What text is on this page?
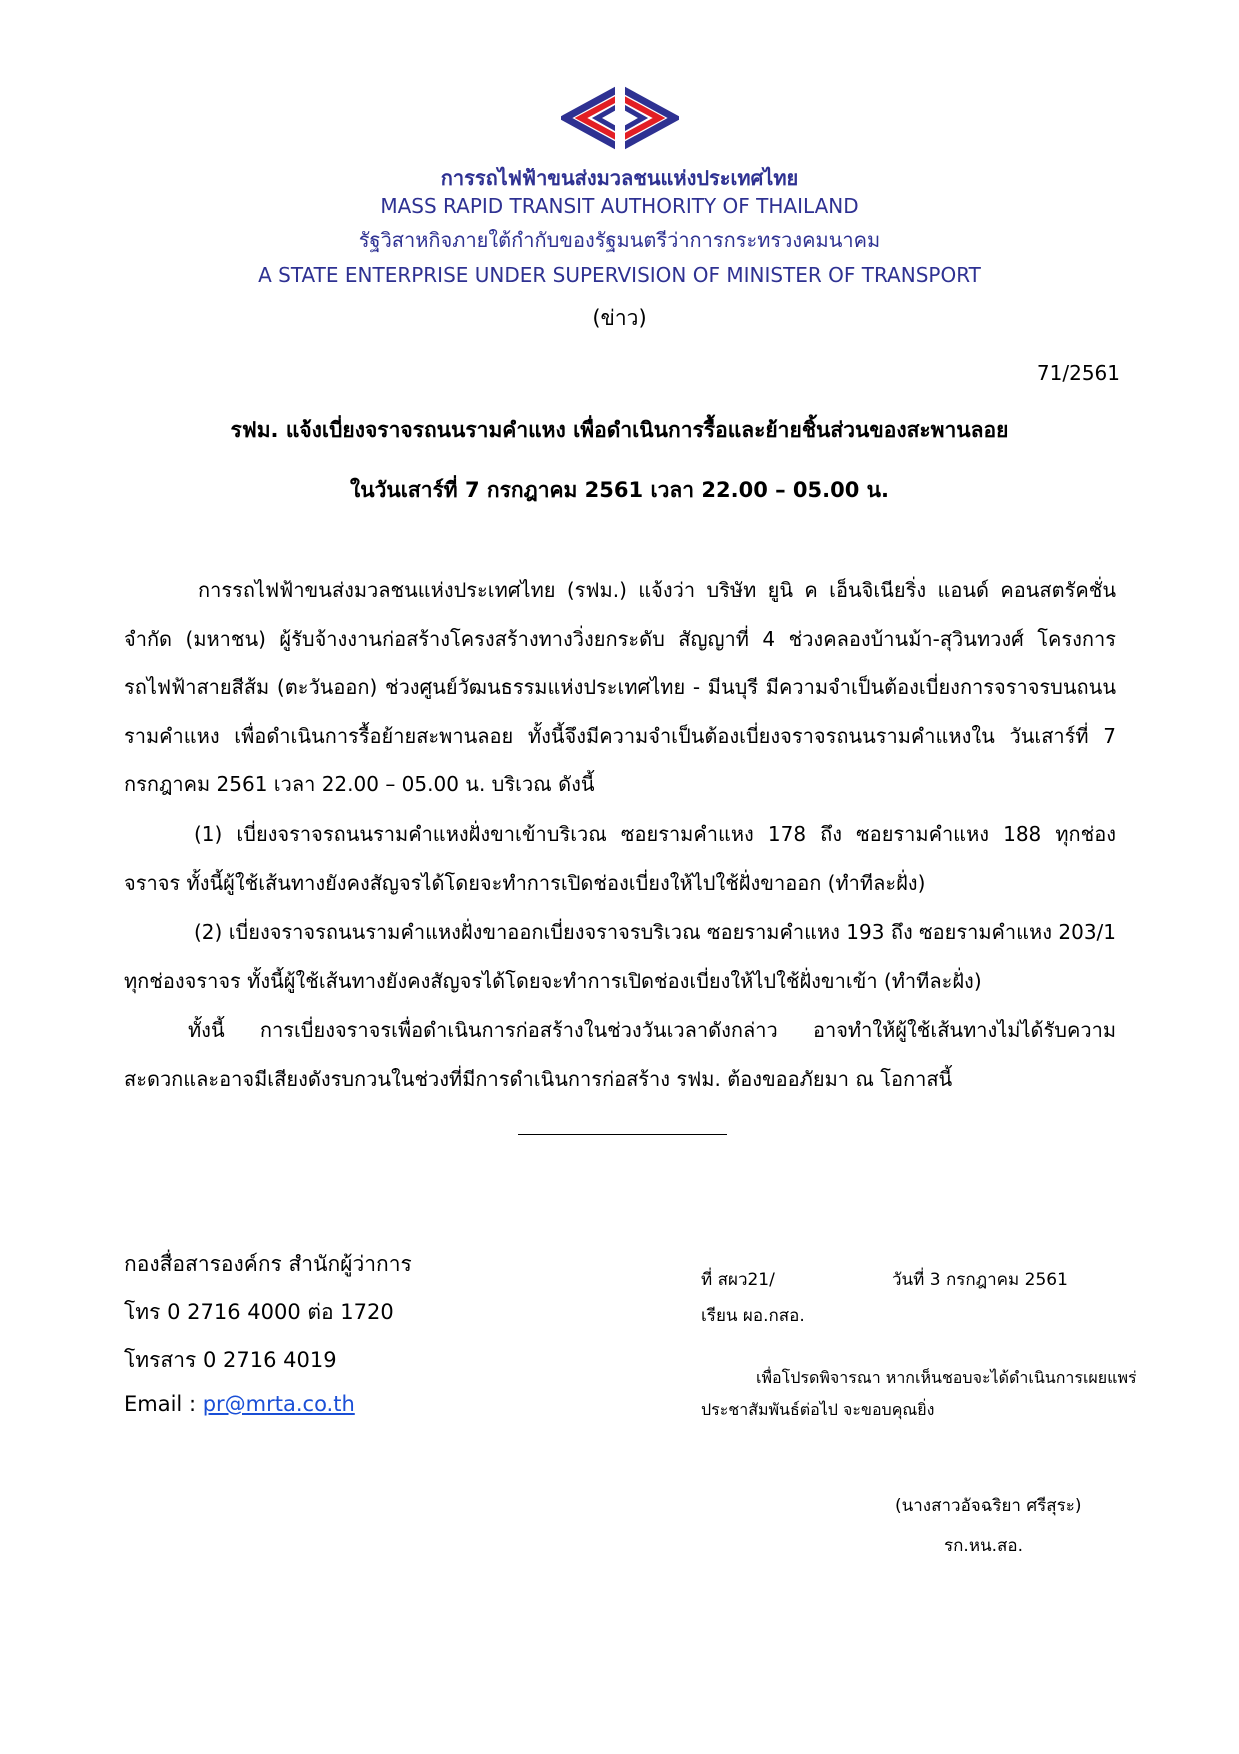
การรถไฟฟ้าขนส่งมวลชนแห่งประเทศไทย
MASS RAPID TRANSIT AUTHORITY OF THAILAND
รัฐวิสาหกิจภายใต้กำกับของรัฐมนตรีว่าการกระทรวงคมนาคม
A STATE ENTERPRISE UNDER SUPERVISION OF MINISTER OF TRANSPORT
(ข่าว)
71/2561
รฟม. แจ้งเบี่ยงจราจรถนนรามคำแหง เพื่อดำเนินการรื้อและย้ายชิ้นส่วนของสะพานลอย
ในวันเสาร์ที่ 7 กรกฎาคม 2561 เวลา 22.00 – 05.00 น.

การรถไฟฟ้าขนส่งมวลชนแห่งประเทศไทย (รฟม.) แจ้งว่า บริษัท ยูนิ ค เอ็นจิเนียริ่ง แอนด์ คอนสตรัคชั่น จำกัด (มหาชน) ผู้รับจ้างงานก่อสร้างโครงสร้างทางวิ่งยกระดับ สัญญาที่ 4 ช่วงคลองบ้านม้า-สุวินทวงศ์ โครงการรถไฟฟ้าสายสีส้ม (ตะวันออก) ช่วงศูนย์วัฒนธรรมแห่งประเทศไทย - มีนบุรี มีความจำเป็นต้องเบี่ยงการจราจรบนถนนรามคำแหง เพื่อดำเนินการรื้อย้ายสะพานลอย ทั้งนี้จึงมีความจำเป็นต้องเบี่ยงจราจรถนนรามคำแหงใน วันเสาร์ที่ 7 กรกฎาคม 2561 เวลา 22.00 – 05.00 น. บริเวณ ดังนี้

(1) เบี่ยงจราจรถนนรามคำแหงฝั่งขาเข้าบริเวณ ซอยรามคำแหง 178 ถึง ซอยรามคำแหง 188 ทุกช่องจราจร ทั้งนี้ผู้ใช้เส้นทางยังคงสัญจรได้โดยจะทำการเปิดช่องเบี่ยงให้ไปใช้ฝั่งขาออก (ทำทีละฝั่ง)

(2) เบี่ยงจราจรถนนรามคำแหงฝั่งขาออกเบี่ยงจราจรบริเวณ ซอยรามคำแหง 193 ถึง ซอยรามคำแหง 203/1 ทุกช่องจราจร ทั้งนี้ผู้ใช้เส้นทางยังคงสัญจรได้โดยจะทำการเปิดช่องเบี่ยงให้ไปใช้ฝั่งขาเข้า (ทำทีละฝั่ง)

ทั้งนี้ การเบี่ยงจราจรเพื่อดำเนินการก่อสร้างในช่วงวันเวลาดังกล่าว อาจทำให้ผู้ใช้เส้นทางไม่ได้รับความสะดวกและอาจมีเสียงดังรบกวนในช่วงที่มีการดำเนินการก่อสร้าง รฟม. ต้องขออภัยมา ณ โอกาสนี้

กองสื่อสารองค์กร สำนักผู้ว่าการ
โทร 0 2716 4000 ต่อ 1720
โทรสาร 0 2716 4019
Email : pr@mrta.co.th
ที่ สผว21/	วันที่ 3 กรกฎาคม 2561
เรียน ผอ.กสอ.
เพื่อโปรดพิจารณา หากเห็นชอบจะได้ดำเนินการเผยแพร่
ประชาสัมพันธ์ต่อไป จะขอบคุณยิ่ง
(นางสาวอัจฉริยา ศรีสุระ)
รก.หน.สอ.
